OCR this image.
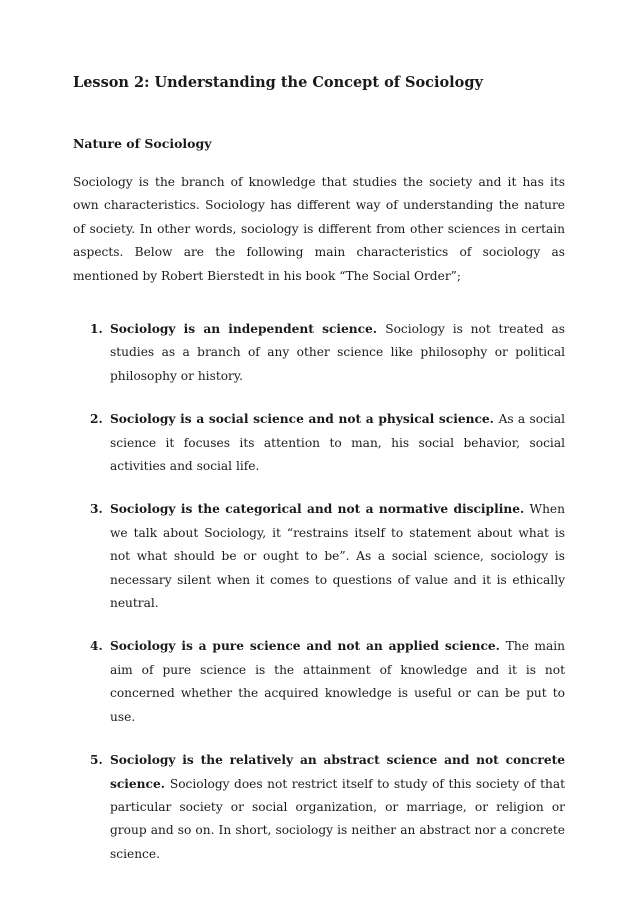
Lesson 2: Understanding the Concept of Sociology
Nature of Sociology

Sociology is the branch of knowledge that studies the society and it has its own characteristics. Sociology has different way of understanding the nature of society. In other words, sociology is different from other sciences in certain aspects. Below are the following main characteristics of sociology as mentioned by Robert Bierstedt in his book “The Social Order”;

1. Sociology is an independent science. Sociology is not treated as studies as a branch of any other science like philosophy or political philosophy or history.
2. Sociology is a social science and not a physical science. As a social science it focuses its attention to man, his social behavior, social activities and social life.
3. Sociology is the categorical and not a normative discipline. When we talk about Sociology, it “restrains itself to statement about what is not what should be or ought to be”. As a social science, sociology is necessary silent when it comes to questions of value and it is ethically neutral.
4. Sociology is a pure science and not an applied science. The main aim of pure science is the attainment of knowledge and it is not concerned whether the acquired knowledge is useful or can be put to use.
5. Sociology is the relatively an abstract science and not concrete science. Sociology does not restrict itself to study of this society of that particular society or social organization, or marriage, or religion or group and so on. In short, sociology is neither an abstract nor a concrete science.
